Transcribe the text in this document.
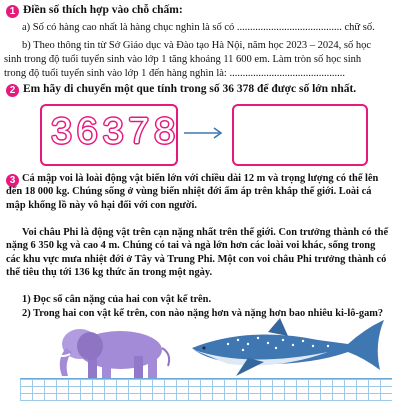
1 Điền số thích hợp vào chỗ chấm:
a) Số có hàng cao nhất là hàng chục nghìn là số có ........................................ chữ số.
b) Theo thông tin từ Sở Giáo dục và Đào tạo Hà Nội, năm học 2023 – 2024, số học
sinh trong độ tuổi tuyển sinh vào lớp 1 tăng khoảng 11 600 em. Làm tròn số học sinh
trong độ tuổi tuyển sinh vào lớp 1 đến hàng nghìn là: ............................................
2 Em hãy di chuyển một que tính trong số 36 378 để được số lớn nhất.
36378
3 Cá mập voi là loài động vật biển lớn với chiều dài 12 m và trọng lượng có thể lên đến 18 000 kg. Chúng sống ở vùng biển nhiệt đới ấm áp trên khắp thế giới. Loài cá mập khổng lồ này vô hại đối với con người.
Voi châu Phi là động vật trên cạn nặng nhất trên thế giới. Con trưởng thành có thể nặng 6 350 kg và cao 4 m. Chúng có tai và ngà lớn hơn các loài voi khác, sống trong các khu vực mưa nhiệt đới ở Tây và Trung Phi. Một con voi châu Phi trưởng thành có thể tiêu thụ tới 136 kg thức ăn trong một ngày.
1) Đọc số cân nặng của hai con vật kể trên.
2) Trong hai con vật kể trên, con nào nặng hơn và nặng hơn bao nhiêu ki-lô-gam?
